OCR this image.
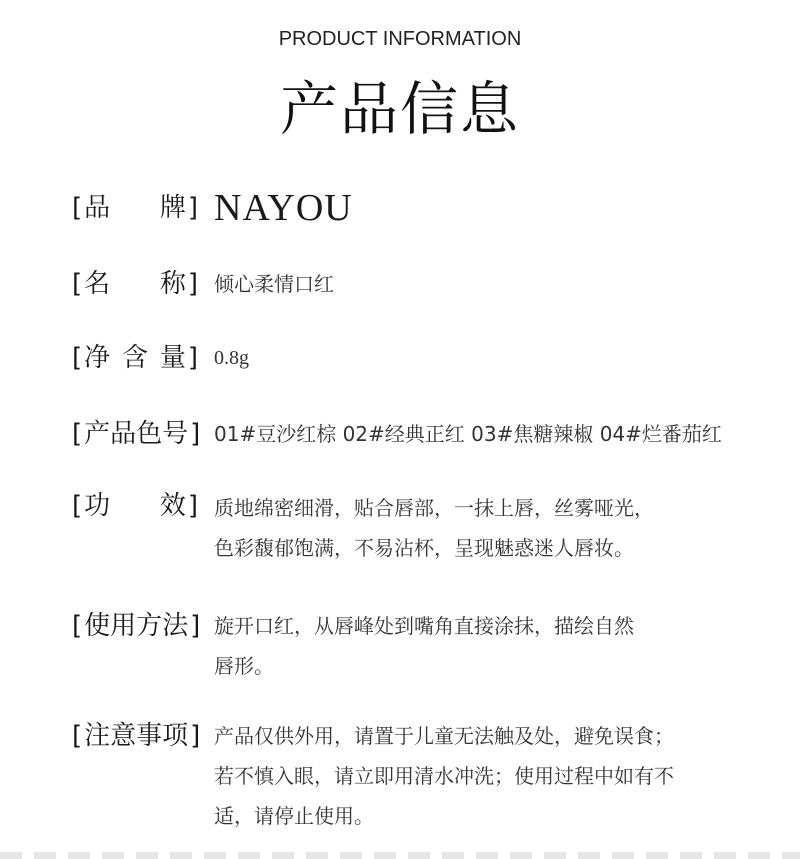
PRODUCT INFORMATION
产品信息
[ 品 牌 ] NAYOU
[ 名 称 ] 倾心柔情口红
[ 净 含 量 ] 0.8g
[ 产品色号 ] 01#豆沙红棕 02#经典正红 03#焦糖辣椒 04#烂番茄红
[ 功 效 ] 质地绵密细滑，贴合唇部，一抹上唇，丝雾哑光，
色彩馥郁饱满，不易沾杯，呈现魅惑迷人唇妆。
[ 使用方法 ] 旋开口红，从唇峰处到嘴角直接涂抹，描绘自然
唇形。
[ 注意事项 ] 产品仅供外用，请置于儿童无法触及处，避免误食；
若不慎入眼，请立即用清水冲洗；使用过程中如有不
适，请停止使用。
